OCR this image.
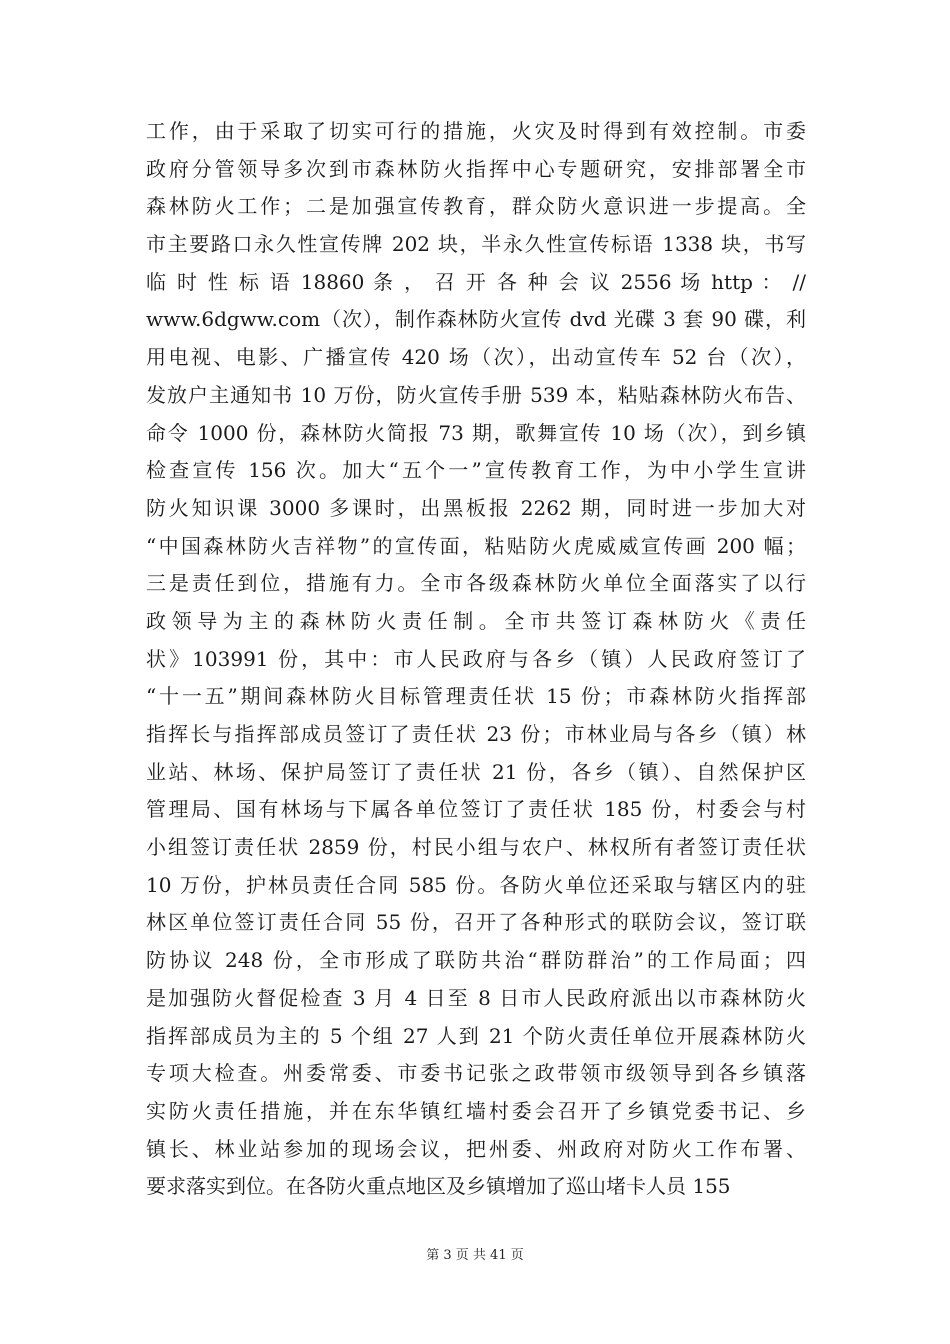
工作，由于采取了切实可行的措施，火灾及时得到有效控制。市委
政府分管领导多次到市森林防火指挥中心专题研究，安排部署全市
森林防火工作；二是加强宣传教育，群众防火意识进一步提高。全
市主要路口永久性宣传牌 202 块，半永久性宣传标语 1338 块，书写
临 时 性 标 语 18860 条 ， 召 开 各 种 会 议 2556 场 http ： //
www.6dgww.com（次），制作森林防火宣传 dvd 光碟 3 套 90 碟，利
用电视、电影、广播宣传 420 场（次），出动宣传车 52 台（次），
发放户主通知书 10 万份，防火宣传手册 539 本，粘贴森林防火布告、
命令 1000 份，森林防火简报 73 期，歌舞宣传 10 场（次），到乡镇
检查宣传 156 次。加大“五个一”宣传教育工作，为中小学生宣讲
防火知识课 3000 多课时，出黑板报 2262 期，同时进一步加大对
“中国森林防火吉祥物”的宣传面，粘贴防火虎威威宣传画 200 幅；
三是责任到位，措施有力。全市各级森林防火单位全面落实了以行
政领导为主的森林防火责任制。全市共签订森林防火《责任
状》103991 份，其中：市人民政府与各乡（镇）人民政府签订了
“十一五”期间森林防火目标管理责任状 15 份；市森林防火指挥部
指挥长与指挥部成员签订了责任状 23 份；市林业局与各乡（镇）林
业站、林场、保护局签订了责任状 21 份，各乡（镇）、自然保护区
管理局、国有林场与下属各单位签订了责任状 185 份，村委会与村
小组签订责任状 2859 份，村民小组与农户、林权所有者签订责任状
10 万份，护林员责任合同 585 份。各防火单位还采取与辖区内的驻
林区单位签订责任合同 55 份，召开了各种形式的联防会议，签订联
防协议 248 份，全市形成了联防共治“群防群治”的工作局面；四
是加强防火督促检查 3 月 4 日至 8 日市人民政府派出以市森林防火
指挥部成员为主的 5 个组 27 人到 21 个防火责任单位开展森林防火
专项大检查。州委常委、市委书记张之政带领市级领导到各乡镇落
实防火责任措施，并在东华镇红墙村委会召开了乡镇党委书记、乡
镇长、林业站参加的现场会议，把州委、州政府对防火工作布署、
要求落实到位。在各防火重点地区及乡镇增加了巡山堵卡人员 155
第 3 页 共 41 页
